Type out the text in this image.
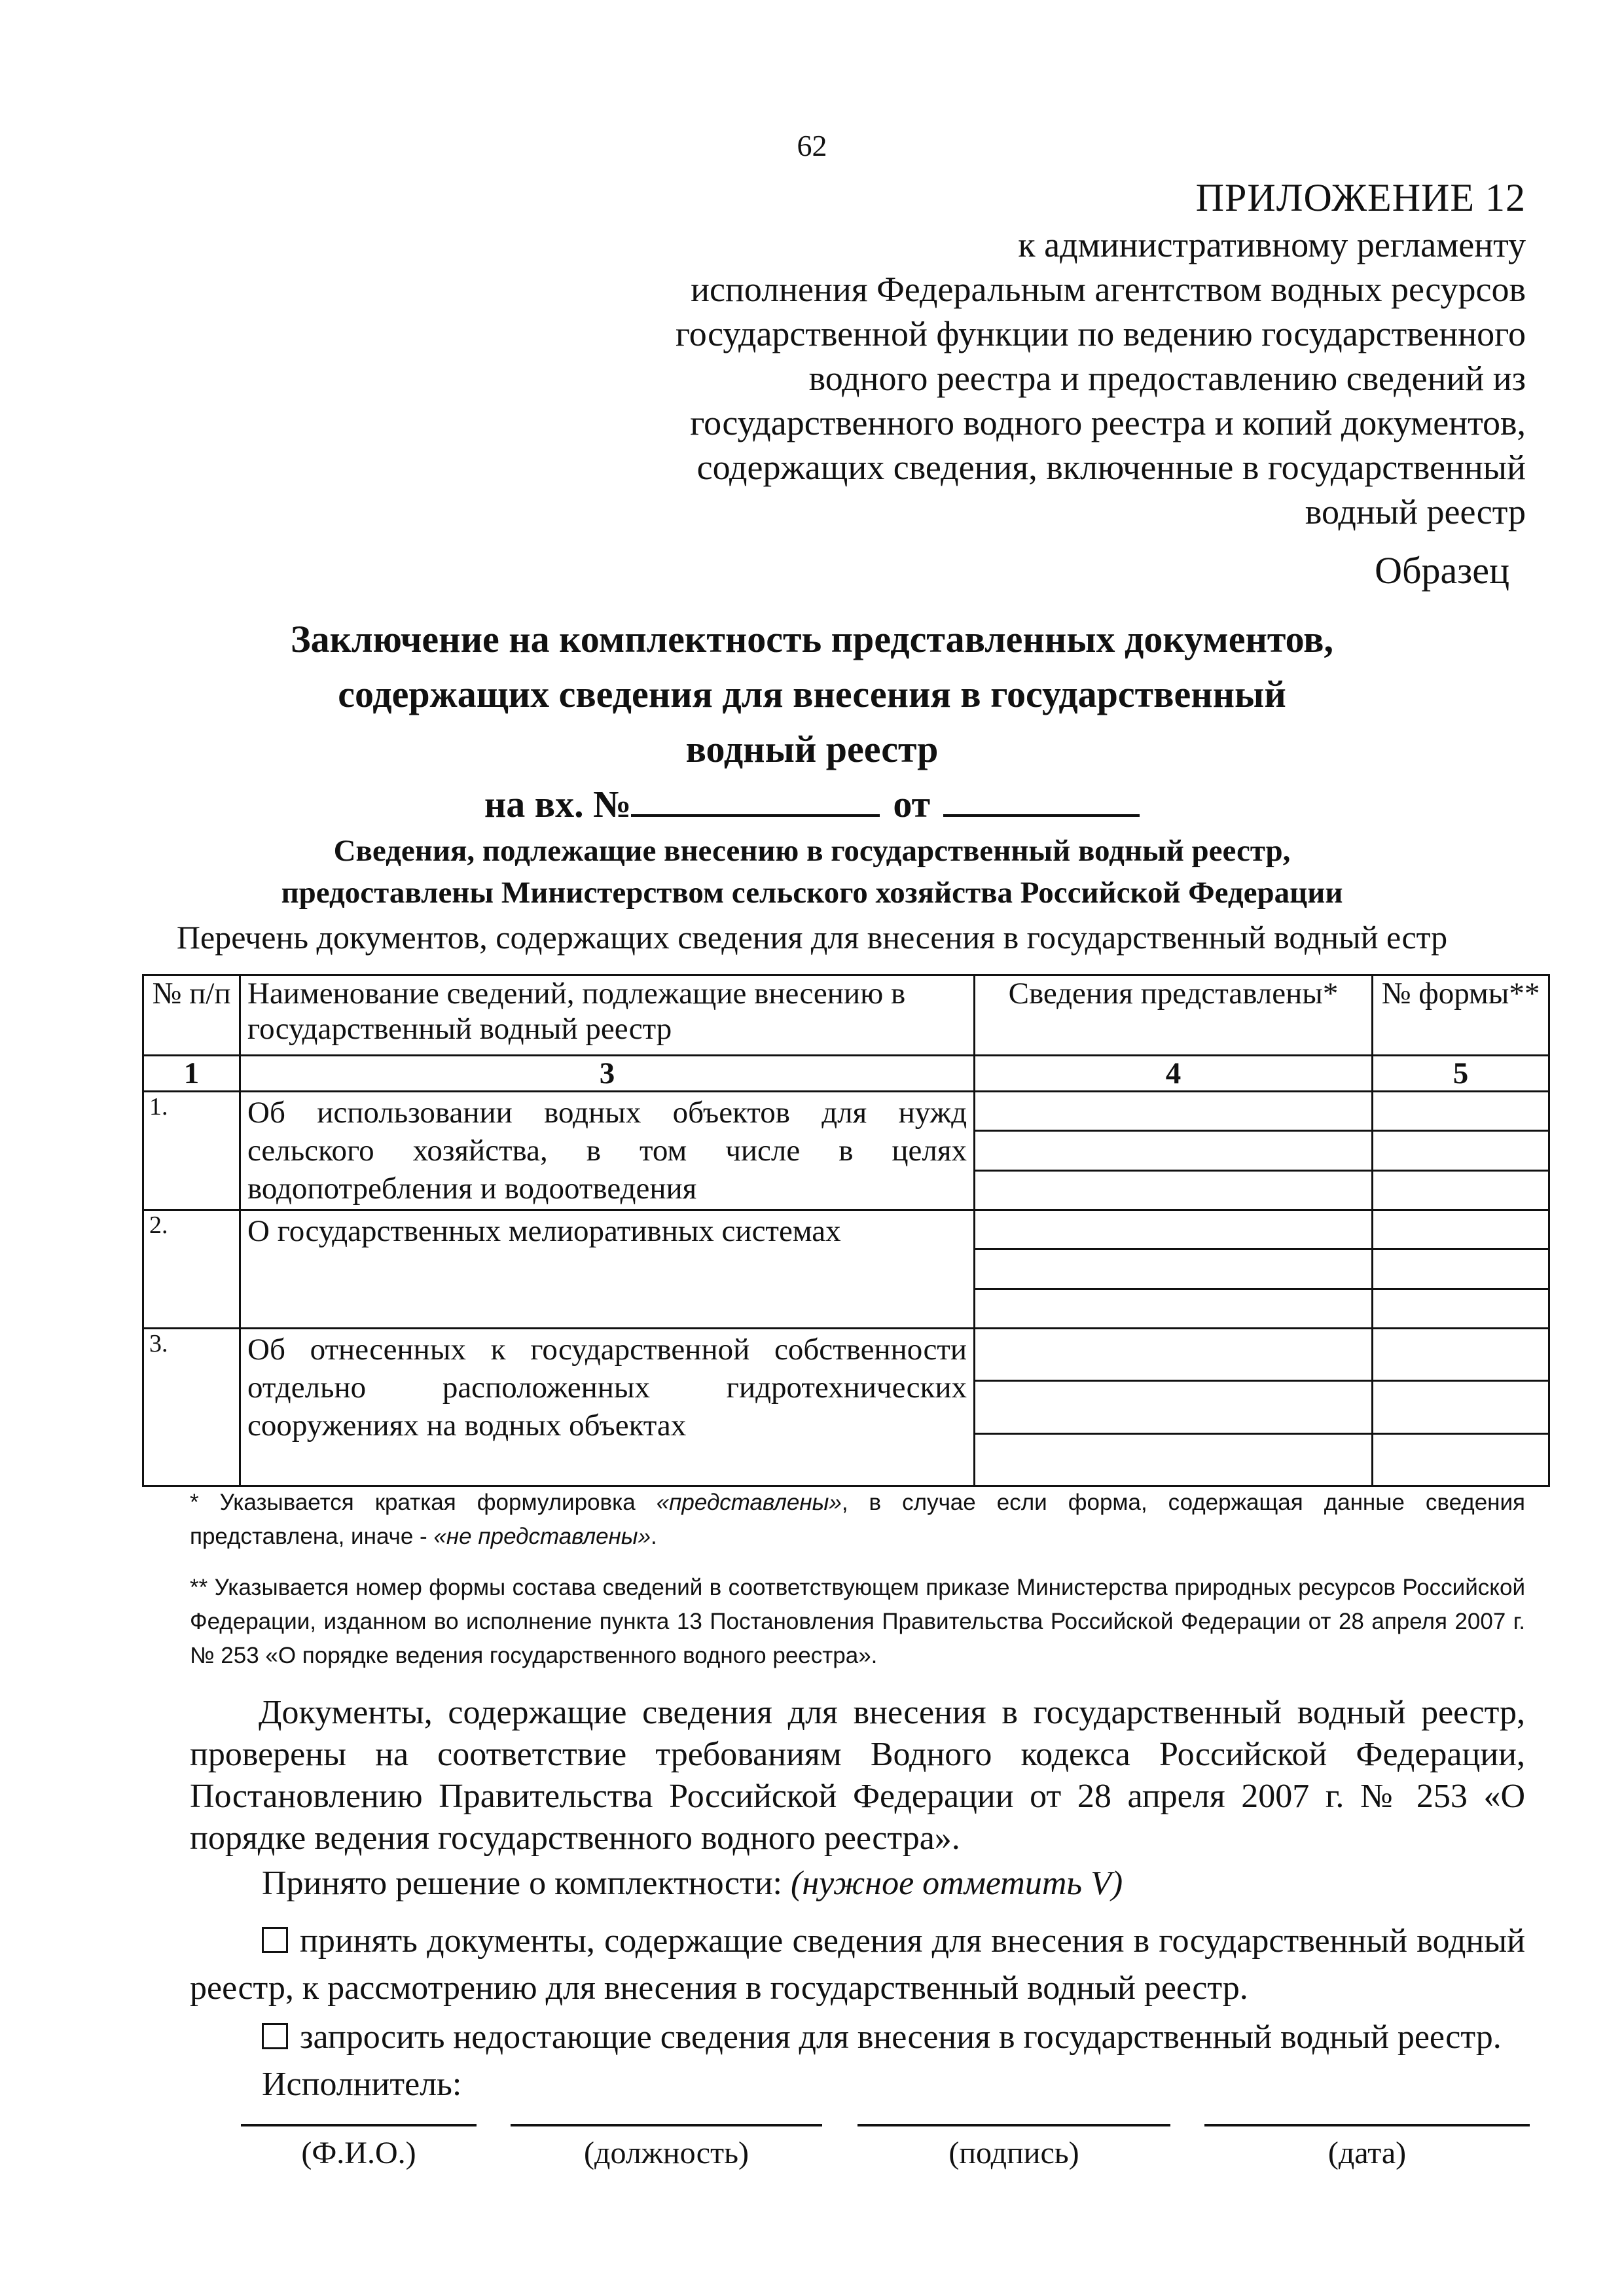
62
ПРИЛОЖЕНИЕ 12
к административному регламенту
исполнения Федеральным агентством водных ресурсов
государственной функции по ведению государственного
водного реестра и предоставлению сведений из
государственного водного реестра и копий документов,
содержащих сведения, включенные в государственный
водный реестр
Образец
Заключение на комплектность представленных документов,
содержащих сведения для внесения в государственный
водный реестр
на вх. №	от
Сведения, подлежащие внесению в государственный водный реестр,
предоставлены Министерством сельского хозяйства Российской Федерации
Перечень документов, содержащих сведения для внесения в государственный водный естр
№ п/п	Наименование сведений, подлежащие внесению в государственный водный реестр	Сведения представлены*	№ формы**
1	3	4	5
1.	Об использовании водных объектов для нужд сельского хозяйства, в том числе в целях водопотребления и водоотведения	

2.	О государственных мелиоративных системах	

3.	Об отнесенных к государственной собственности отдельно расположенных гидротехнических сооружениях на водных объектах	

* Указывается краткая формулировка «представлены», в случае если форма, содержащая данные сведения представлена, иначе - «не представлены».
** Указывается номер формы состава сведений в соответствующем приказе Министерства природных ресурсов Российской Федерации, изданном во исполнение пункта 13 Постановления Правительства Российской Федерации от 28 апреля 2007 г. № 253 «О порядке ведения государственного водного реестра».
Документы, содержащие сведения для внесения в государственный водный реестр, проверены на соответствие требованиям Водного кодекса Российской Федерации, Постановлению Правительства Российской Федерации от 28 апреля 2007 г. № 253 «О порядке ведения государственного водного реестра».
Принято решение о комплектности: (нужное отметить V)
принять документы, содержащие сведения для внесения в государственный водный реестр, к рассмотрению для внесения в государственный водный реестр.
запросить недостающие сведения для внесения в государственный водный реестр.
Исполнитель:
(Ф.И.О.)	(должность)	(подпись)	(дата)
